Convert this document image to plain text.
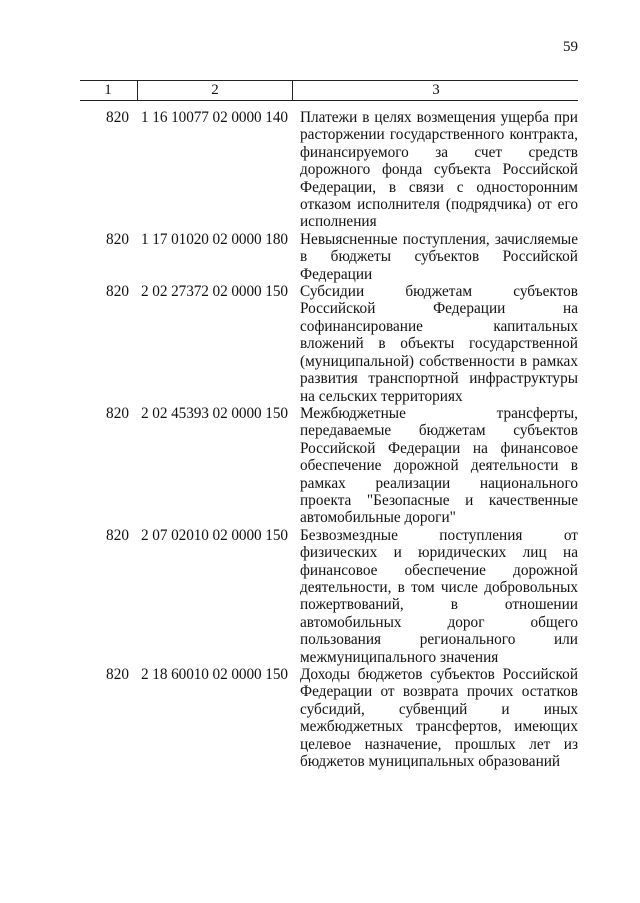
59
1	2	3
820 1 16 10077 02 0000 140 Платежи в целях возмещения ущерба при расторжении государственного контракта, финансируемого за счет средств дорожного фонда субъекта Российской Федерации, в связи с односторонним отказом исполнителя (подрядчика) от его исполнения
820 1 17 01020 02 0000 180 Невыясненные поступления, зачисляемые в бюджеты субъектов Российской Федерации
820 2 02 27372 02 0000 150 Субсидии бюджетам субъектов Российской Федерации на софинансирование капитальных вложений в объекты государственной (муниципальной) собственности в рамках развития транспортной инфраструктуры на сельских территориях
820 2 02 45393 02 0000 150 Межбюджетные трансферты, передаваемые бюджетам субъектов Российской Федерации на финансовое обеспечение дорожной деятельности в рамках реализации национального проекта "Безопасные и качественные автомобильные дороги"
820 2 07 02010 02 0000 150 Безвозмездные поступления от физических и юридических лиц на финансовое обеспечение дорожной деятельности, в том числе добровольных пожертвований, в отношении автомобильных дорог общего пользования регионального или межмуниципального значения
820 2 18 60010 02 0000 150 Доходы бюджетов субъектов Российской Федерации от возврата прочих остатков субсидий, субвенций и иных межбюджетных трансфертов, имеющих целевое назначение, прошлых лет из бюджетов муниципальных образований
